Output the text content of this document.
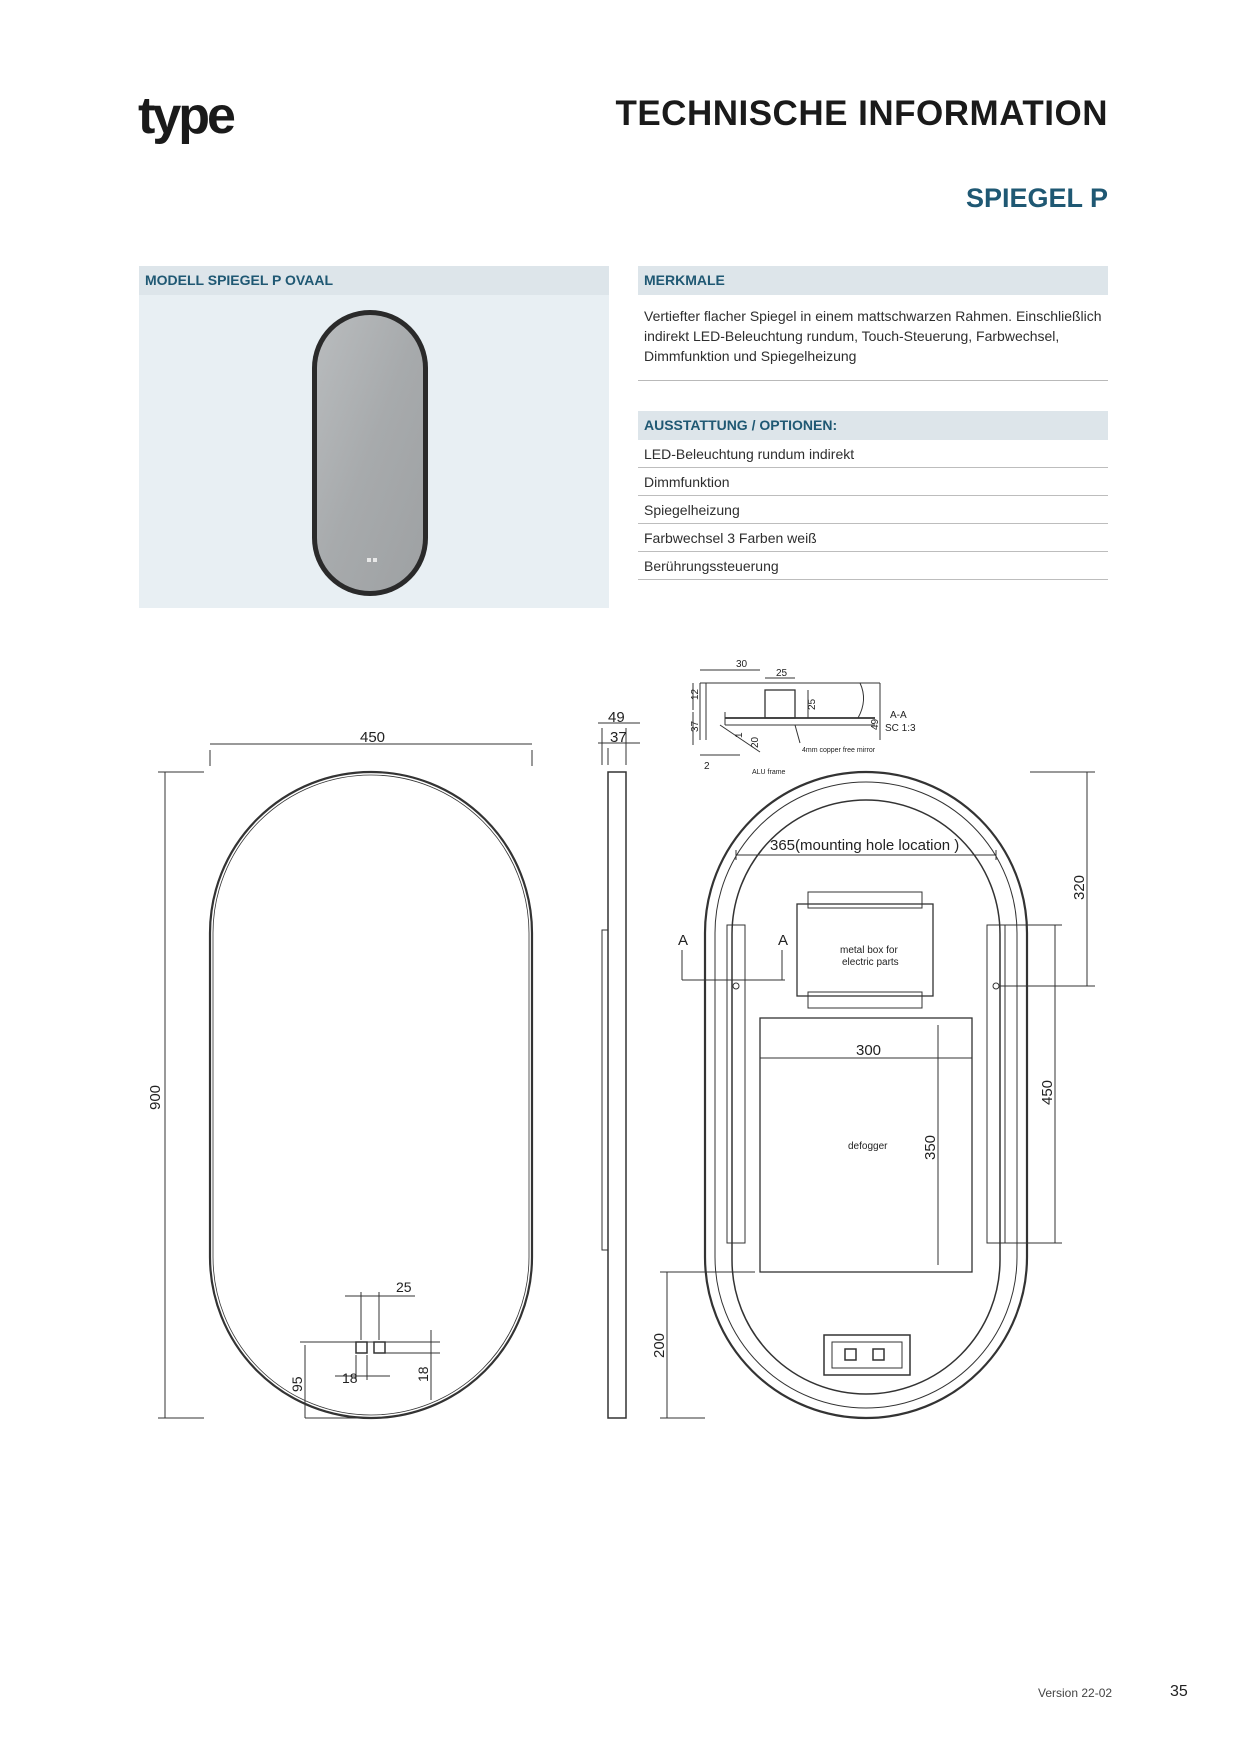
type	TECHNISCHE INFORMATION
SPIEGEL P
MODELL SPIEGEL P OVAAL	MERKMALE
Vertiefter flacher Spiegel in einem mattschwarzen Rahmen. Einschließlich indirekt LED-Beleuchtung rundum, Touch-Steuerung, Farbwechsel, Dimmfunktion und Spiegelheizung
AUSSTATTUNG / OPTIONEN:
LED-Beleuchtung rundum indirekt
Dimmfunktion
Spiegelheizung
Farbwechsel 3 Farben weiß
Berührungssteuerung
450
900
25
18	18
95
49
37
30
25
12
25
37
1
20
49
2
A-A
SC 1:3
4mm copper free mirror
ALU frame
365(mounting hole location )
320
300
350
450
200
A	A
metal box for
electric parts
defogger
Version 22-02	35
